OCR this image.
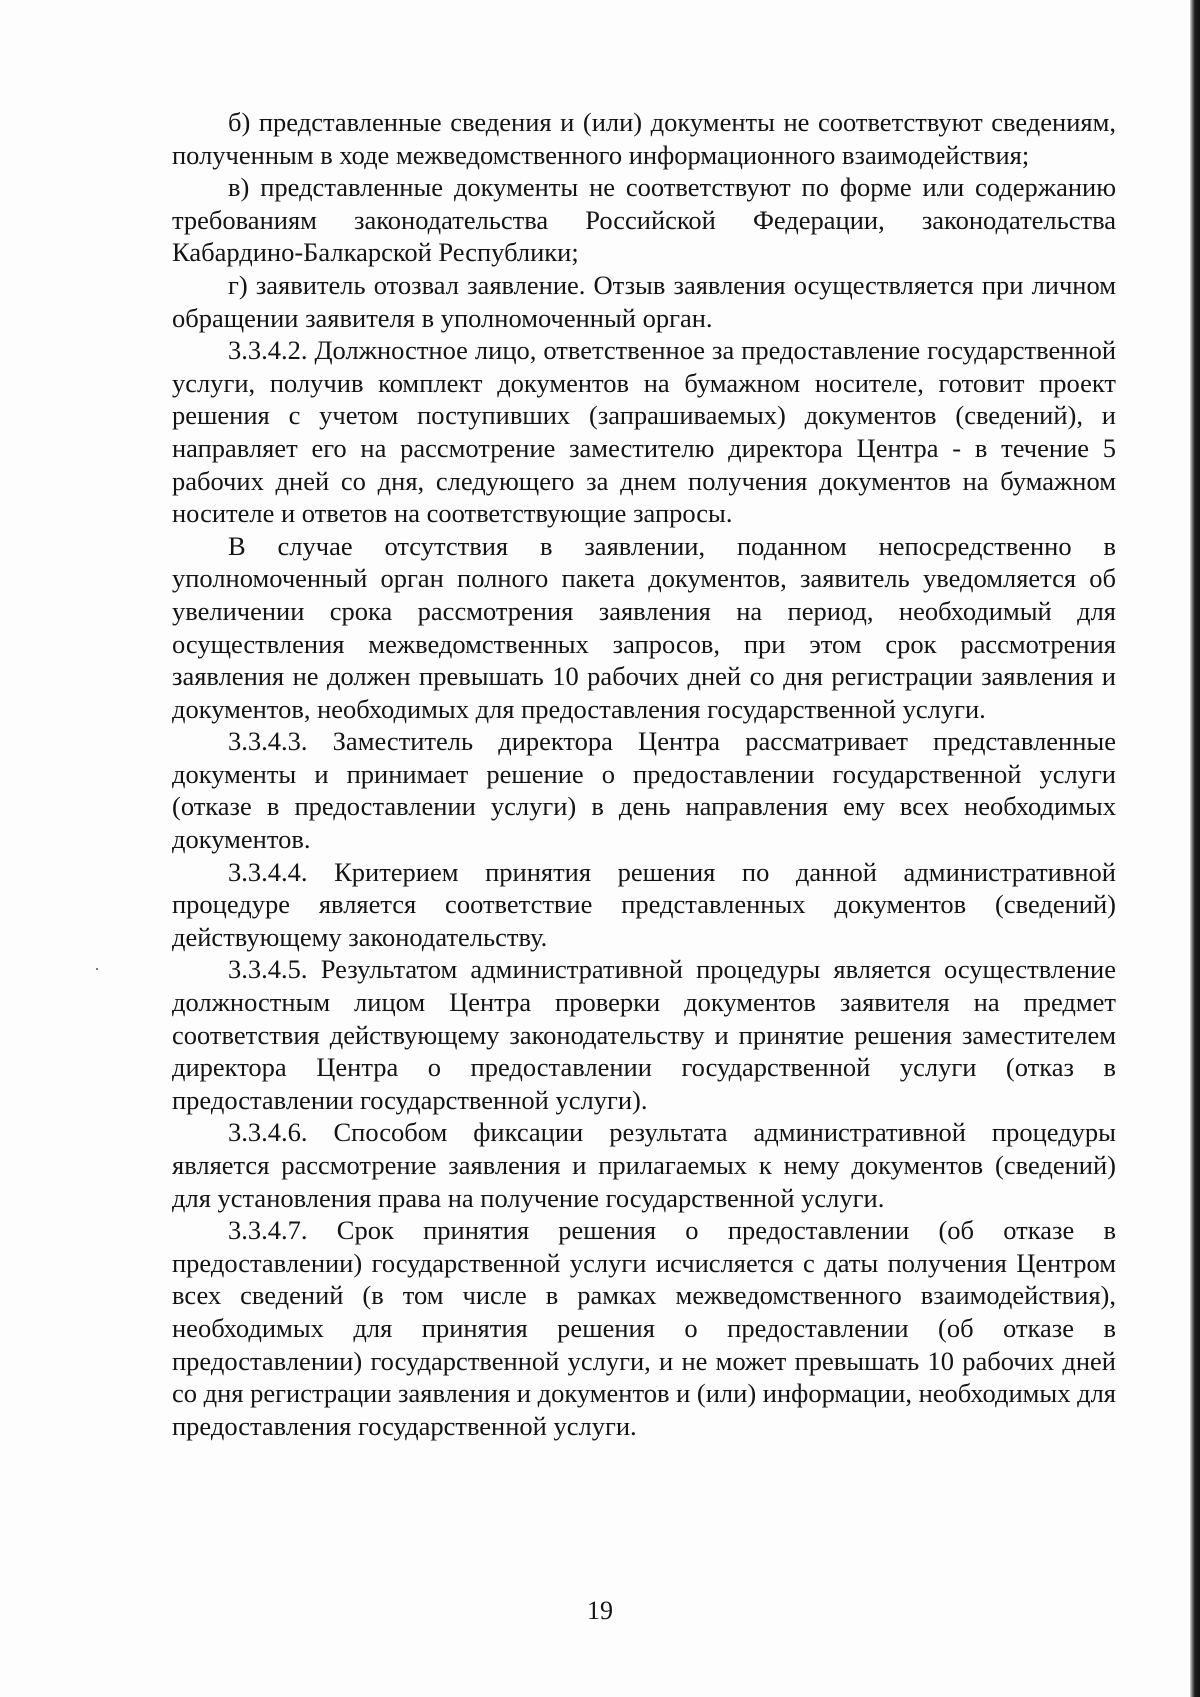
б) представленные сведения и (или) документы не соответствуют сведениям, полученным в ходе межведомственного информационного взаимодействия;

в) представленные документы не соответствуют по форме или содержанию требованиям законодательства Российской Федерации, законодательства Кабардино-Балкарской Республики;

г) заявитель отозвал заявление. Отзыв заявления осуществляется при личном обращении заявителя в уполномоченный орган.

3.3.4.2. Должностное лицо, ответственное за предоставление государственной услуги, получив комплект документов на бумажном носителе, готовит проект решения с учетом поступивших (запрашиваемых) документов (сведений), и направляет его на рассмотрение заместителю директора Центра - в течение 5 рабочих дней со дня, следующего за днем получения документов на бумажном носителе и ответов на соответствующие запросы.

В случае отсутствия в заявлении, поданном непосредственно в уполномоченный орган полного пакета документов, заявитель уведомляется об увеличении срока рассмотрения заявления на период, необходимый для осуществления межведомственных запросов, при этом срок рассмотрения заявления не должен превышать 10 рабочих дней со дня регистрации заявления и документов, необходимых для предоставления государственной услуги.

3.3.4.3. Заместитель директора Центра рассматривает представленные документы и принимает решение о предоставлении государственной услуги (отказе в предоставлении услуги) в день направления ему всех необходимых документов.

3.3.4.4. Критерием принятия решения по данной административной процедуре является соответствие представленных документов (сведений) действующему законодательству.

3.3.4.5. Результатом административной процедуры является осуществление должностным лицом Центра проверки документов заявителя на предмет соответствия действующему законодательству и принятие решения заместителем директора Центра о предоставлении государственной услуги (отказ в предоставлении государственной услуги).

3.3.4.6. Способом фиксации результата административной процедуры является рассмотрение заявления и прилагаемых к нему документов (сведений) для установления права на получение государственной услуги.

3.3.4.7. Срок принятия решения о предоставлении (об отказе в предоставлении) государственной услуги исчисляется с даты получения Центром всех сведений (в том числе в рамках межведомственного взаимодействия), необходимых для принятия решения о предоставлении (об отказе в предоставлении) государственной услуги, и не может превышать 10 рабочих дней со дня регистрации заявления и документов и (или) информации, необходимых для предоставления государственной услуги.

19
